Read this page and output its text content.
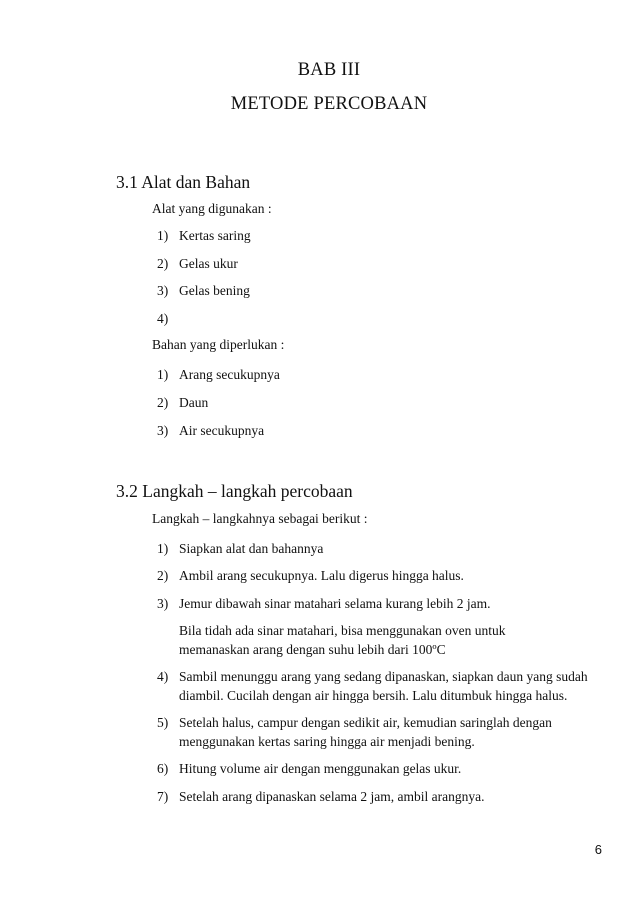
BAB III
METODE PERCOBAAN
3.1 Alat dan Bahan
Alat yang digunakan :
1) Kertas saring
2) Gelas ukur
3) Gelas bening
4)
Bahan yang diperlukan :
1) Arang secukupnya
2) Daun
3) Air secukupnya
3.2 Langkah – langkah percobaan
Langkah – langkahnya sebagai berikut :
1) Siapkan alat dan bahannya
2) Ambil arang secukupnya. Lalu digerus hingga halus.
3) Jemur dibawah sinar matahari selama kurang lebih 2 jam.
Bila tidah ada sinar matahari, bisa menggunakan oven untuk memanaskan arang dengan suhu lebih dari 100ºC
4) Sambil menunggu arang yang sedang dipanaskan, siapkan daun yang sudah diambil. Cucilah dengan air hingga bersih. Lalu ditumbuk hingga halus.
5) Setelah halus, campur dengan sedikit air, kemudian saringlah dengan menggunakan kertas saring hingga air menjadi bening.
6) Hitung volume air dengan menggunakan gelas ukur.
7) Setelah arang dipanaskan selama 2 jam, ambil arangnya.
6
